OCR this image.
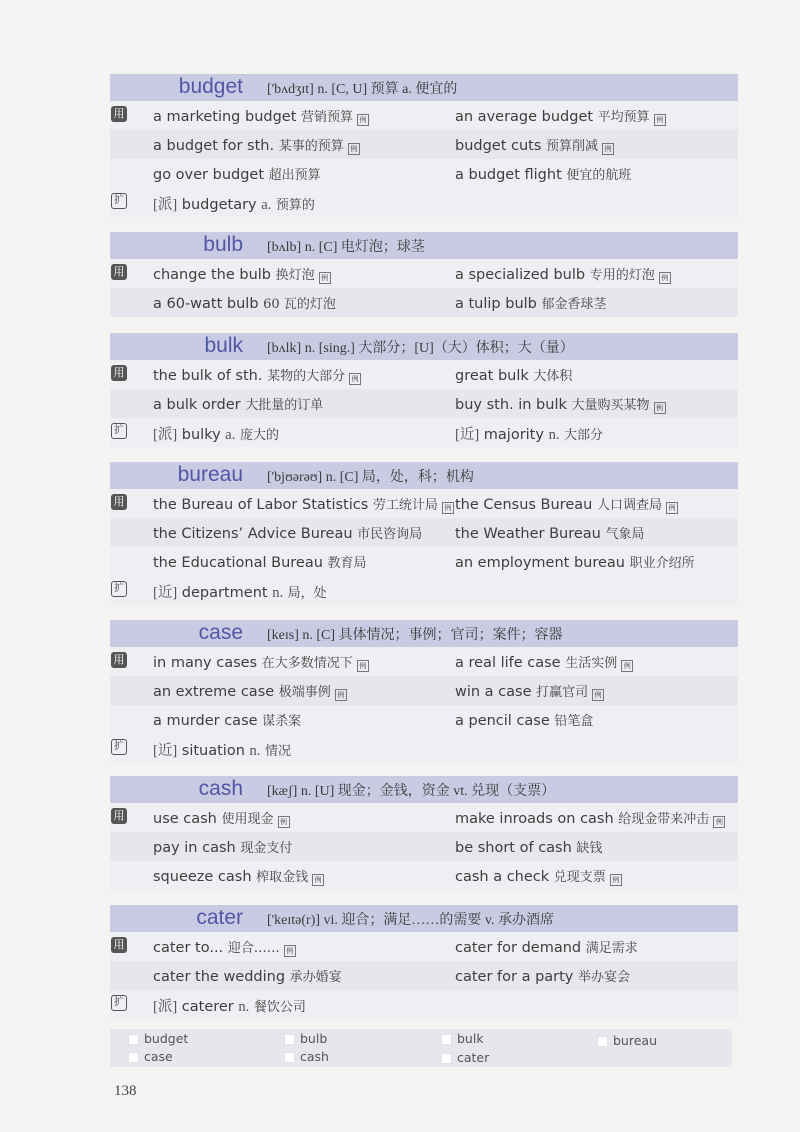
budget ['bʌdʒɪt] n. [C, U] 预算 a. 便宜的
用 a marketing budget 营销预算 例	an average budget 平均预算 例
a budget for sth. 某事的预算 例	budget cuts 预算削减 例
go over budget 超出预算	a budget flight 便宜的航班
扩 [派] budgetary a. 预算的
bulb [bʌlb] n. [C] 电灯泡；球茎
用 change the bulb 换灯泡 例	a specialized bulb 专用的灯泡 例
a 60-watt bulb 60 瓦的灯泡	a tulip bulb 郁金香球茎
bulk [bʌlk] n. [sing.] 大部分；[U]（大）体积；大（量）
用 the bulk of sth. 某物的大部分 例	great bulk 大体积
a bulk order 大批量的订单	buy sth. in bulk 大量购买某物 例
扩 [派] bulky a. 庞大的	[近] majority n. 大部分
bureau ['bjʊərəʊ] n. [C] 局，处，科；机构
用 the Bureau of Labor Statistics 劳工统计局 例 the Census Bureau 人口调查局 例
the Citizens’ Advice Bureau 市民咨询局 the Weather Bureau 气象局
the Educational Bureau 教育局	an employment bureau 职业介绍所
扩 [近] department n. 局，处
case [keɪs] n. [C] 具体情况；事例；官司；案件；容器
用 in many cases 在大多数情况下 例	a real life case 生活实例 例
an extreme case 极端事例 例	win a case 打赢官司 例
a murder case 谋杀案	a pencil case 铅笔盒
扩 [近] situation n. 情况
cash [kæʃ] n. [U] 现金；金钱，资金 vt. 兑现（支票）
用 use cash 使用现金 例	make inroads on cash 给现金带来冲击 例
pay in cash 现金支付	be short of cash 缺钱
squeeze cash 榨取金钱 例	cash a check 兑现支票 例
cater ['keɪtə(r)] vi. 迎合；满足……的需要 v. 承办酒席
用 cater to... 迎合…… 例	cater for demand 满足需求
cater the wedding 承办婚宴	cater for a party 举办宴会
扩 [派] caterer n. 餐饮公司
budget	bulb	bulk	bureau
case	cash	cater
138
